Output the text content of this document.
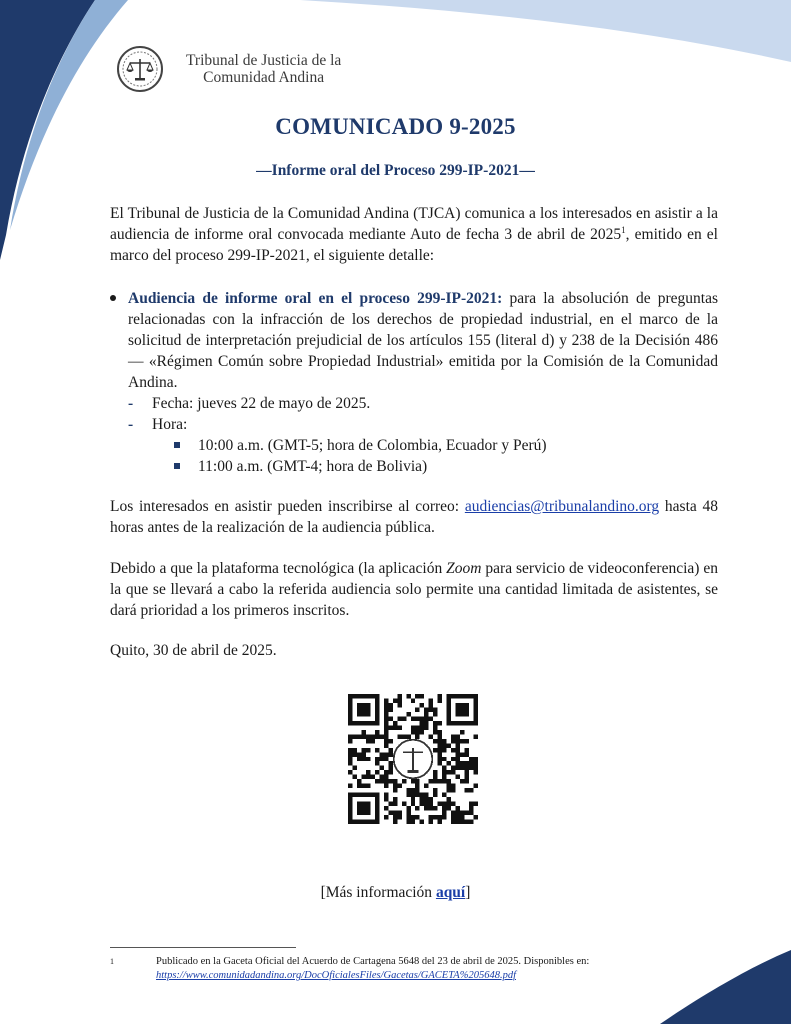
Tribunal de Justicia de la
Comunidad Andina
COMUNICADO 9-2025
—Informe oral del Proceso 299-IP-2021—
El Tribunal de Justicia de la Comunidad Andina (TJCA) comunica a los interesados en asistir a la audiencia de informe oral convocada mediante Auto de fecha 3 de abril de 2025$^1$, emitido en el marco del proceso 299-IP-2021, el siguiente detalle:
Audiencia de informe oral en el proceso 299-IP-2021: para la absolución de preguntas relacionadas con la infracción de los derechos de propiedad industrial, en el marco de la solicitud de interpretación prejudicial de los artículos 155 (literal d) y 238 de la Decisión 486 — «Régimen Común sobre Propiedad Industrial» emitida por la Comisión de la Comunidad Andina.
- Fecha: jueves 22 de mayo de 2025.
- Hora:
10:00 a.m. (GMT-5; hora de Colombia, Ecuador y Perú)
11:00 a.m. (GMT-4; hora de Bolivia)
Los interesados en asistir pueden inscribirse al correo: audiencias@tribunalandino.org hasta 48 horas antes de la realización de la audiencia pública.
Debido a que la plataforma tecnológica (la aplicación Zoom para servicio de videoconferencia) en la que se llevará a cabo la referida audiencia solo permite una cantidad limitada de asistentes, se dará prioridad a los primeros inscritos.
Quito, 30 de abril de 2025.
[Más información aquí]
1	Publicado en la Gaceta Oficial del Acuerdo de Cartagena 5648 del 23 de abril de 2025. Disponibles en: https://www.comunidadandina.org/DocOficialesFiles/Gacetas/GACETA%205648.pdf
